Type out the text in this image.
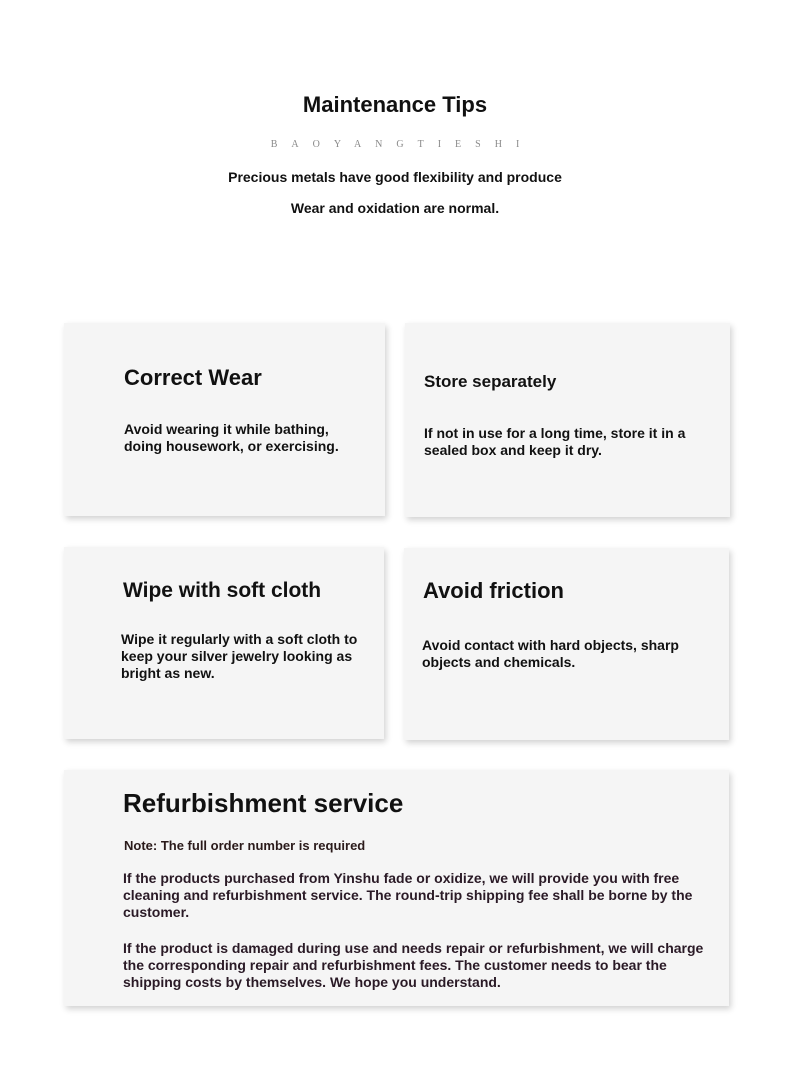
Maintenance Tips
BAOYANGTIESHI
Precious metals have good flexibility and produce
Wear and oxidation are normal.
Correct Wear

Avoid wearing it while bathing, doing housework, or exercising.

Store separately

If not in use for a long time, store it in a sealed box and keep it dry.

Wipe with soft cloth

Wipe it regularly with a soft cloth to keep your silver jewelry looking as bright as new.

Avoid friction

Avoid contact with hard objects, sharp objects and chemicals.

Refurbishment service

Note: The full order number is required

If the products purchased from Yinshu fade or oxidize, we will provide you with free cleaning and refurbishment service. The round-trip shipping fee shall be borne by the customer.

If the product is damaged during use and needs repair or refurbishment, we will charge the corresponding repair and refurbishment fees. The customer needs to bear the shipping costs by themselves. We hope you understand.
